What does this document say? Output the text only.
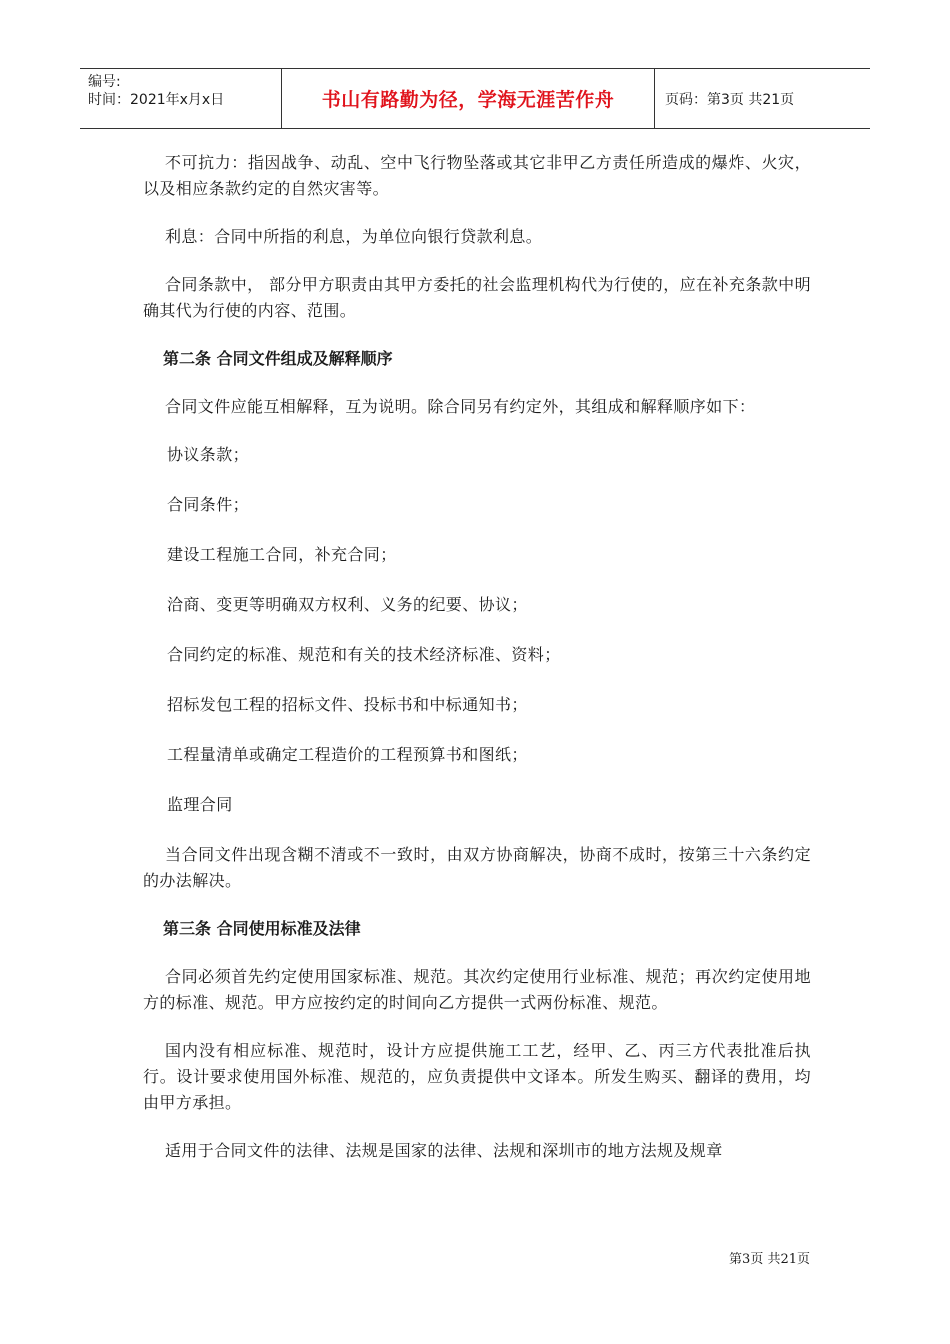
编号:
时间：2021年x月x日	书山有路勤为径，学海无涯苦作舟	页码：第3页 共21页

不可抗力：指因战争、动乱、空中飞行物坠落或其它非甲乙方责任所造成的爆炸、火灾，以及相应条款约定的自然灾害等。

利息：合同中所指的利息，为单位向银行贷款利息。

合同条款中， 部分甲方职责由其甲方委托的社会监理机构代为行使的，应在补充条款中明确其代为行使的内容、范围。

第二条 合同文件组成及解释顺序

合同文件应能互相解释，互为说明。除合同另有约定外，其组成和解释顺序如下：

协议条款；

合同条件；

建设工程施工合同，补充合同；

洽商、变更等明确双方权利、义务的纪要、协议；

合同约定的标准、规范和有关的技术经济标准、资料；

招标发包工程的招标文件、投标书和中标通知书；

工程量清单或确定工程造价的工程预算书和图纸；

监理合同

当合同文件出现含糊不清或不一致时，由双方协商解决，协商不成时，按第三十六条约定的办法解决。

第三条 合同使用标准及法律

合同必须首先约定使用国家标准、规范。其次约定使用行业标准、规范；再次约定使用地方的标准、规范。甲方应按约定的时间向乙方提供一式两份标准、规范。

国内没有相应标准、规范时，设计方应提供施工工艺，经甲、乙、丙三方代表批准后执行。设计要求使用国外标准、规范的，应负责提供中文译本。所发生购买、翻译的费用，均由甲方承担。

适用于合同文件的法律、法规是国家的法律、法规和深圳市的地方法规及规章

第3页 共21页
